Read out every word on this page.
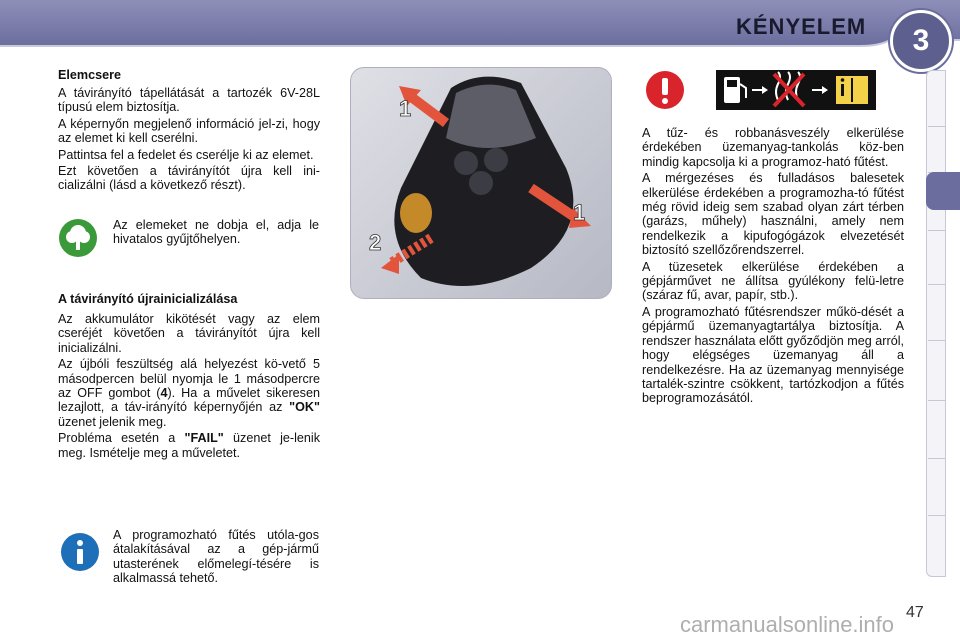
KÉNYELEM	3
Elemcsere

A távirányító tápellátását a tartozék 6V-28L típusú elem biztosítja.

A képernyőn megjelenő információ jel-zi, hogy az elemet ki kell cserélni.

Pattintsa fel a fedelet és cserélje ki az elemet.

Ezt követően a távirányítót újra kell ini-cializálni (lásd a következő részt).

Az elemeket ne dobja el, adja le hivatalos gyűjtőhelyen.
A távirányító újrainicializálása

Az akkumulátor kikötését vagy az elem cseréjét követően a távirányítót újra kell inicializálni.

Az újbóli feszültség alá helyezést kö-vető 5 másodpercen belül nyomja le 1 másodpercre az OFF gombot (4). Ha a művelet sikeresen lezajlott, a táv-irányító képernyőjén az "OK" üzenet jelenik meg.

Probléma esetén a "FAIL" üzenet je-lenik meg. Ismételje meg a műveletet.

A programozható fűtés utóla-gos átalakításával az a gép-jármű utasterének előmelegí-tésére is alkalmassá tehető.
1
1
2

A tűz- és robbanásveszély elkerülése érdekében üzemanyag-tankolás köz-ben mindig kapcsolja ki a programoz-ható fűtést.

A mérgezéses és fulladásos balesetek elkerülése érdekében a programozha-tó fűtést még rövid ideig sem szabad olyan zárt térben (garázs, műhely) használni, amely nem rendelkezik a kipufogógázok elvezetését biztosító szellőzőrendszerrel.

A tüzesetek elkerülése érdekében a gépjárművet ne állítsa gyúlékony felü-letre (száraz fű, avar, papír, stb.).

A programozható fűtésrendszer műkö-dését a gépjármű üzemanyagtartálya biztosítja. A rendszer használata előtt győződjön meg arról, hogy elégséges üzemanyag áll a rendelkezésre. Ha az üzemanyag mennyisége tartalék-szintre csökkent, tartózkodjon a fűtés beprogramozásától.

carmanualsonline.info 47
